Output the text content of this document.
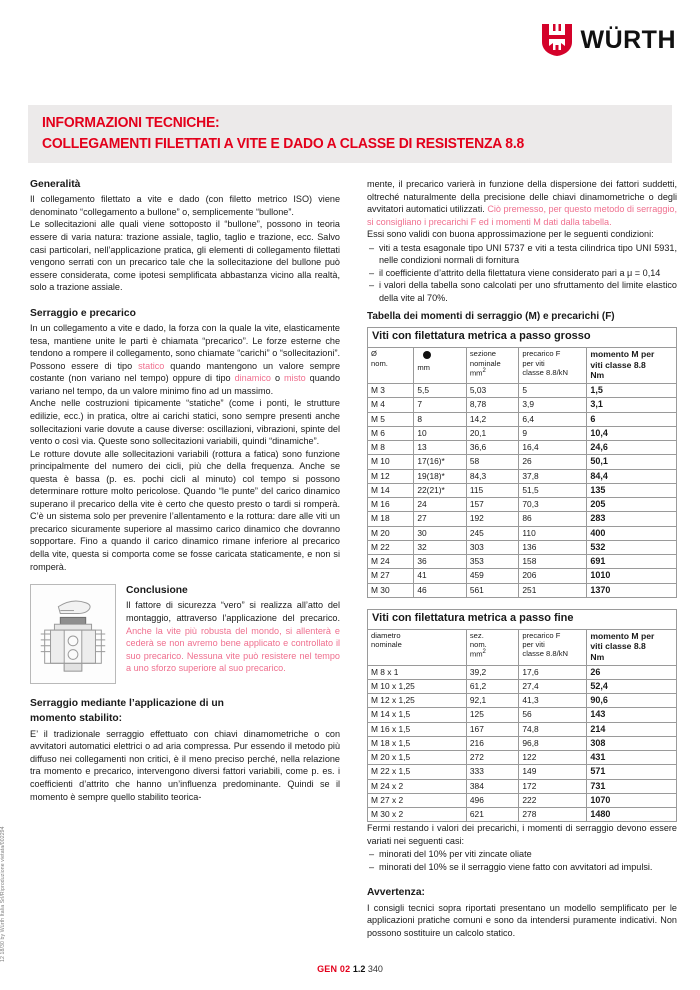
WÜRTH
INFORMAZIONI TECNICHE:
COLLEGAMENTI FILETTATI A VITE E DADO A CLASSE DI RESISTENZA 8.8
Generalità

Il collegamento filettato a vite e dado (con filetto metrico ISO) viene denominato “collegamento a bullone” o, semplicemente “bullone”.

Le sollecitazioni alle quali viene sottoposto il “bullone”, possono in teoria essere di varia natura: trazione assiale, taglio, taglio e trazione, ecc. Salvo casi particolari, nell’applicazione pratica, gli elementi di collegamento filettati vengono serrati con un precarico tale che la sollecitazione del bullone può essere considerata, come ipotesi semplificata abbastanza vicino alla realtà, solo a trazione assiale.

Serraggio e precarico

In un collegamento a vite e dado, la forza con la quale la vite, elasticamente tesa, mantiene unite le parti è chiamata “precarico”. Le forze esterne che tendono a rompere il collegamento, sono chiamate “carichi” o “sollecitazioni”. Possono essere di tipo statico quando mantengono un valore sempre costante (non variano nel tempo) oppure di tipo dinamico o misto quando variano nel tempo, da un valore minimo fino ad un massimo.

Anche nelle costruzioni tipicamente “statiche” (come i ponti, le strutture edilizie, ecc.) in pratica, oltre ai carichi statici, sono sempre presenti anche sollecitazioni varie dovute a cause diverse: oscillazioni, vibrazioni, spinte del vento o così via. Queste sono sollecitazioni variabili, quindi “dinamiche”.

Le rotture dovute alle sollecitazioni variabili (rottura a fatica) sono funzione principalmente del numero dei cicli, più che della frequenza. Anche se questa è bassa (p. es. pochi cicli al minuto) col tempo si possono determinare rotture molto pericolose. Quando “le punte” del carico dinamico superano il precarico della vite è certo che questo presto o tardi si romperà. C’è un sistema solo per prevenire l’allentamento e la rottura: dare alle viti un precarico sicuramente superiore al massimo carico dinamico che dovranno sopportare. Fino a quando il carico dinamico rimane inferiore al precarico della vite, questa si comporta come se fosse caricata staticamente, e non si romperà.

Conclusione

Il fattore di sicurezza “vero” si realizza all’atto del montaggio, attraverso l’applicazione del precarico. Anche la vite più robusta del mondo, si allenterà e cederà se non avremo bene applicato e controllato il suo precarico. Nessuna vite può resistere nel tempo a uno sforzo superiore al suo precarico.

Serraggio mediante l’applicazione di un
momento stabilito:

E’ il tradizionale serraggio effettuato con chiavi dinamometriche o con avvitatori automatici elettrici o ad aria compressa. Pur essendo il metodo più diffuso nei collegamenti non critici, è il meno preciso perché, nella relazione tra momento e precarico, intervengono diversi fattori variabili, come p. es. i coefficienti d’attrito che hanno un’influenza predominante. Quindi se il momento è sempre quello stabilito teorica-

mente, il precarico varierà in funzione della dispersione dei fattori suddetti, oltreché naturalmente della precisione delle chiavi dinamometriche o degli avvitatori automatici utilizzati. Ciò premesso, per questo metodo di serraggio, si consigliano i precarichi F ed i momenti M dati dalla tabella.

Essi sono validi con buona approssimazione per le seguenti condizioni:

– viti a testa esagonale tipo UNI 5737 e viti a testa cilindrica tipo UNI 5931, nelle condizioni normali di fornitura
– il coefficiente d’attrito della filettatura viene considerato pari a μ = 0,14
– i valori della tabella sono calcolati per uno sfruttamento del limite elastico della vite al 70%.
Tabella dei momenti di serraggio (M) e precarichi (F)
Viti con filettatura metrica a passo grosso				

Ø
nom.	mm

sezione
nominale
$mm^2$

precarico F
per viti
classe 8.8/kN

momento M per
viti classe 8.8
Nm

M 3	5,5	5,03	5	1,5
M 4	7	8,78	3,9	3,1
M 5	8	14,2	6,4	6
M 6	10	20,1	9	10,4
M 8	13	36,6	16,4	24,6
M 10	17(16)*	58	26	50,1
M 12	19(18)*	84,3	37,8	84,4
M 14	22(21)*	115	51,5	135
M 16	24	157	70,3	205
M 18	27	192	86	283
M 20	30	245	110	400
M 22	32	303	136	532
M 24	36	353	158	691
M 27	41	459	206	1010
M 30	46	561	251	1370
Viti con filettatura metrica a passo fine			

diametro
nominale

sez.
nom.
$mm^2$

precarico F
per viti
classe 8.8/kN

momento M per
viti classe 8.8
Nm

M 8 x 1	39,2	17,6	26
M 10 x 1,25	61,2	27,4	52,4
M 12 x 1,25	92,1	41,3	90,6
M 14 x 1,5	125	56	143
M 16 x 1,5	167	74,8	214
M 18 x 1,5	216	96,8	308
M 20 x 1,5	272	122	431
M 22 x 1,5	333	149	571
M 24 x 2	384	172	731
M 27 x 2	496	222	1070
M 30 x 2	621	278	1480

Fermi restando i valori dei precarichi, i momenti di serraggio devono essere variati nei seguenti casi:

– minorati del 10% per viti zincate oliate
– minorati del 10% se il serraggio viene fatto con avvitatori ad impulsi.
Avvertenza:

I consigli tecnici sopra riportati presentano un modello semplificato per le applicazioni pratiche comuni e sono da intendersi puramente indicativi. Non possono sostituire un calcolo statico.

GEN 02 1.2 340
12 18/30 by Würth Italia Srl/Riproduzione vietata/002294
